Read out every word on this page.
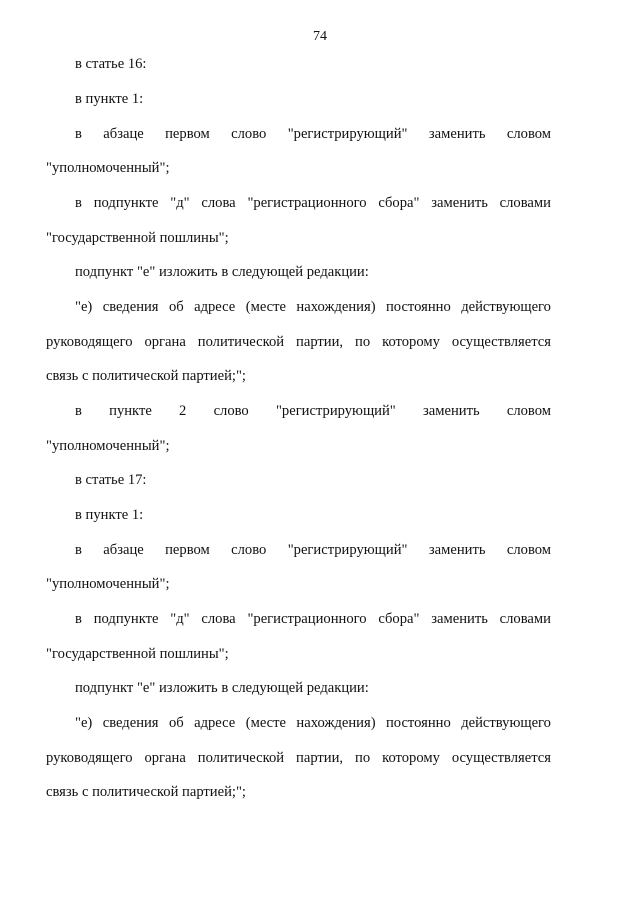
74
в статье 16:
в пункте 1:
в абзаце первом слово "регистрирующий" заменить словом
"уполномоченный";
в подпункте "д" слова "регистрационного сбора" заменить словами
"государственной пошлины";
подпункт "е" изложить в следующей редакции:
"е) сведения об адресе (месте нахождения) постоянно действующего
руководящего органа политической партии, по которому осуществляется
связь с политической партией;";
в пункте 2 слово "регистрирующий" заменить словом
"уполномоченный";
в статье 17:
в пункте 1:
в абзаце первом слово "регистрирующий" заменить словом
"уполномоченный";
в подпункте "д" слова "регистрационного сбора" заменить словами
"государственной пошлины";
подпункт "е" изложить в следующей редакции:
"е) сведения об адресе (месте нахождения) постоянно действующего
руководящего органа политической партии, по которому осуществляется
связь с политической партией;";
